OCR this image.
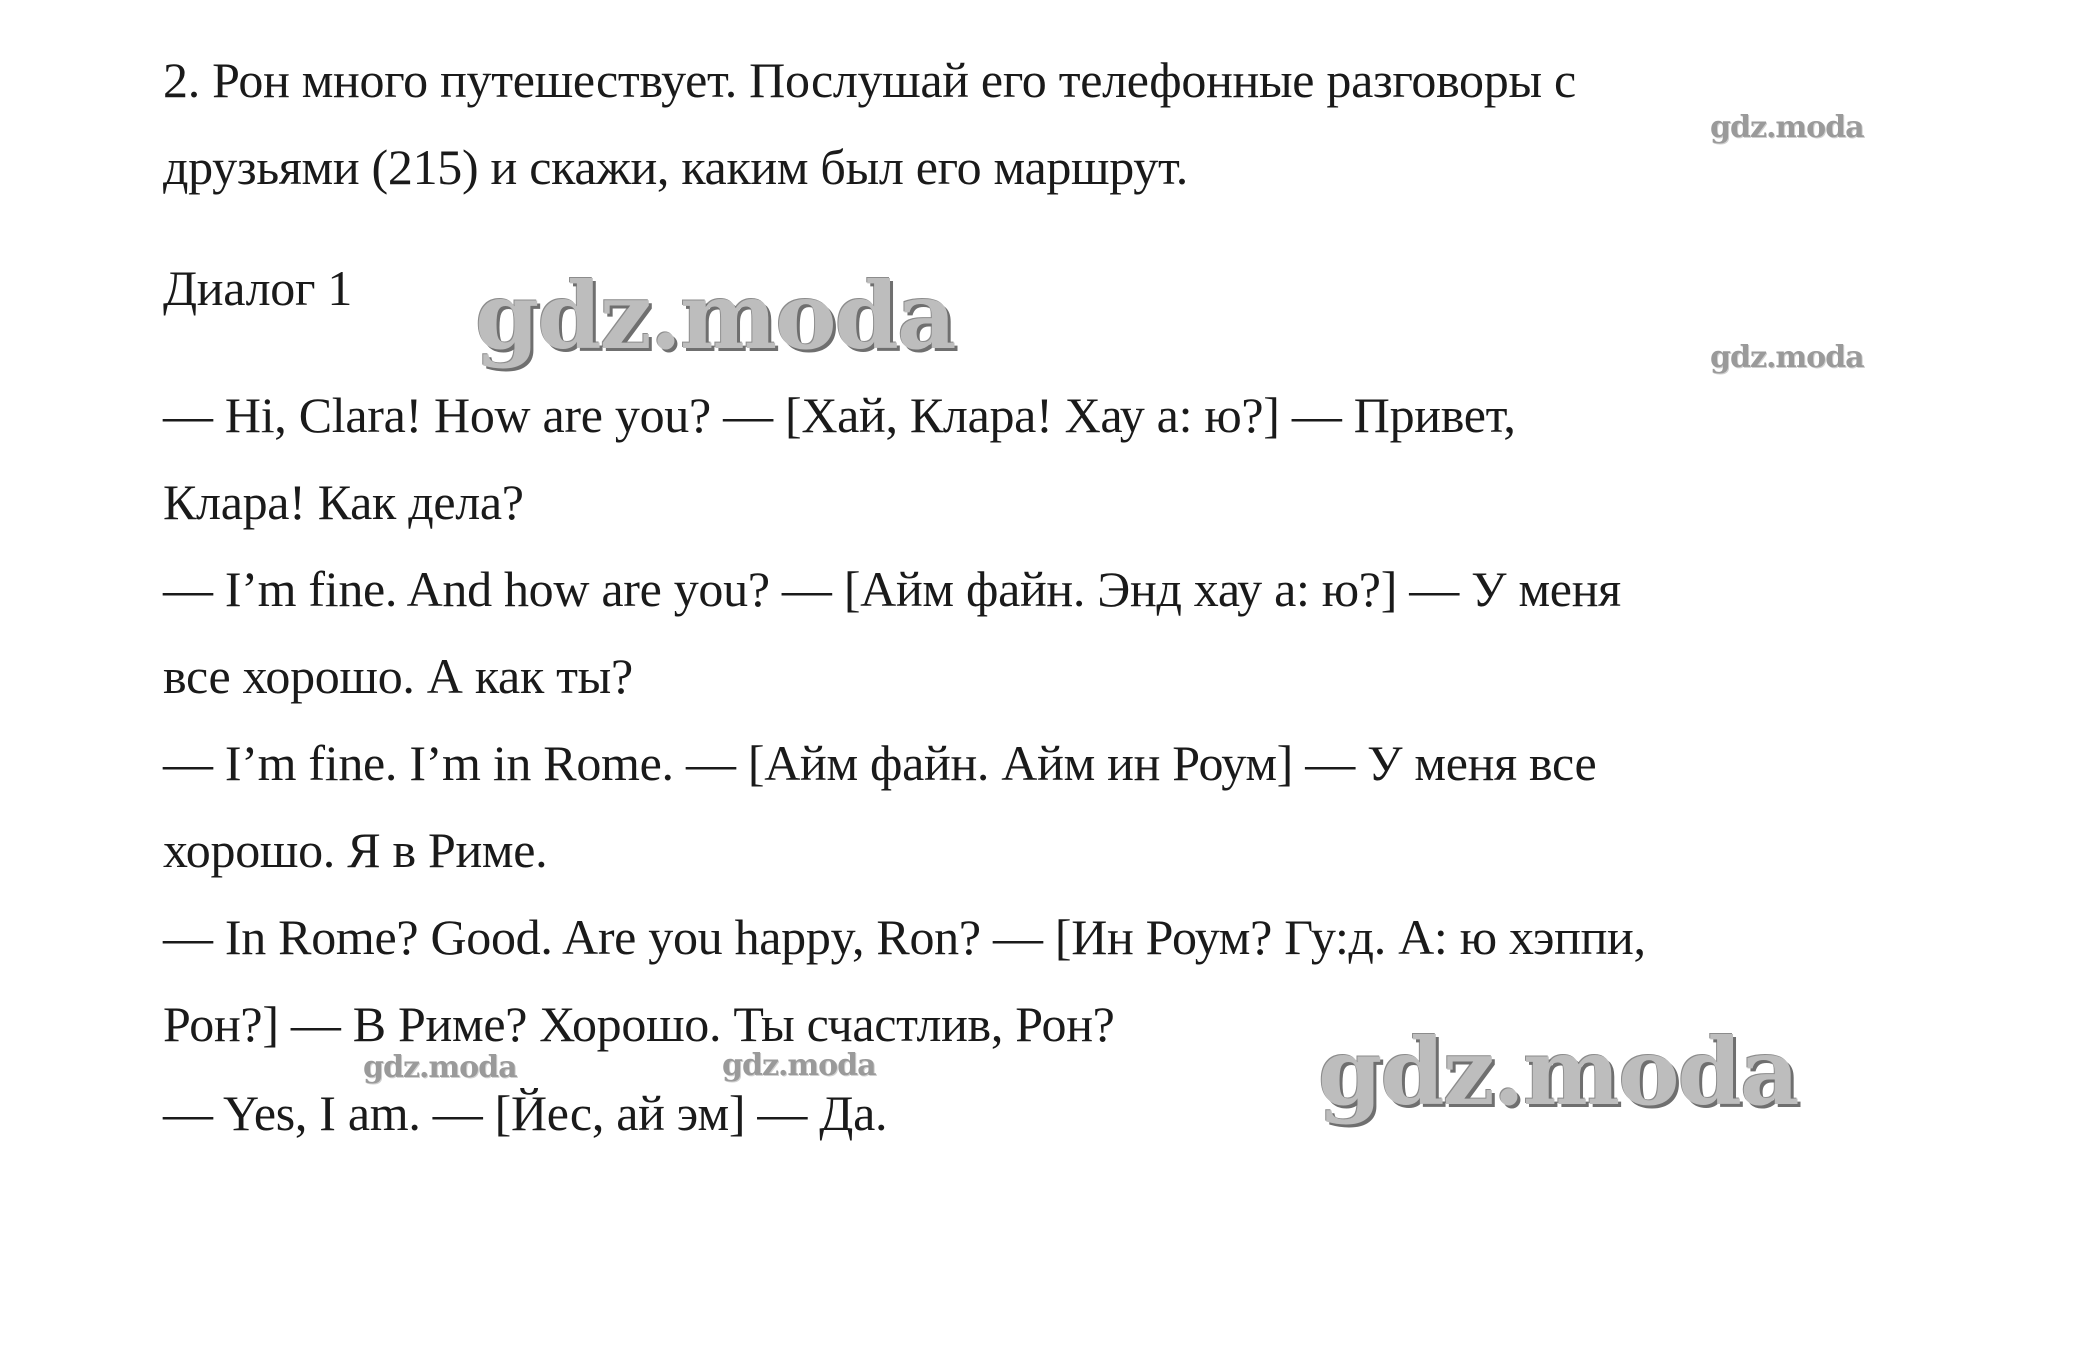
2. Рон много путешествует. Послушай его телефонные разговоры с
друзьями (215) и скажи, каким был его маршрут.
Диалог 1
— Hi, Clara! How are you? — [Хай, Клара! Хау а: ю?] — Привет,
Клара! Как дела?
— I’m fine. And how are you? — [Айм файн. Энд хау а: ю?] — У меня
все хорошо. А как ты?
— I’m fine. I’m in Rome. — [Айм файн. Айм ин Роум] — У меня все
хорошо. Я в Риме.
— In Rome? Good. Are you happy, Ron? — [Ин Роум? Гу:д. А: ю хэппи,
Рон?] — В Риме? Хорошо. Ты счастлив, Рон?
— Yes, I am. — [Йес, ай эм] — Да.
gdz.moda
gdz.moda	gdz.moda
gdz.moda	gdz.moda	gdz.moda
